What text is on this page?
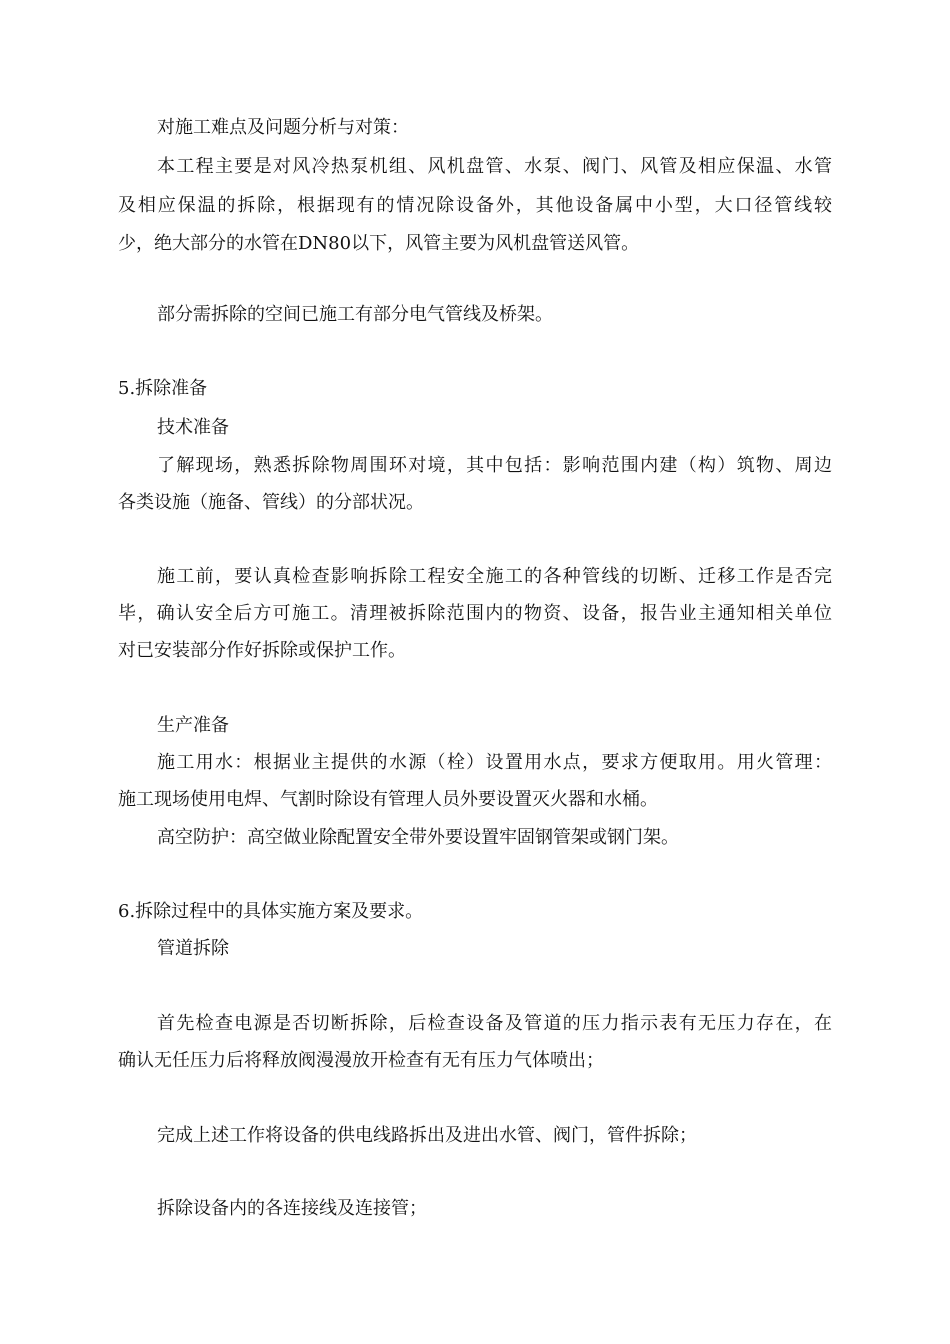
对施工难点及问题分析与对策：
本工程主要是对风冷热泵机组、风机盘管、水泵、阀门、风管及相应保温、水管
及相应保温的拆除，根据现有的情况除设备外，其他设备属中小型，大口径管线较
少，绝大部分的水管在DN80以下，风管主要为风机盘管送风管。
部分需拆除的空间已施工有部分电气管线及桥架。
5.拆除准备
技术准备
了解现场，熟悉拆除物周围环对境，其中包括：影响范围内建（构）筑物、周边
各类设施（施备、管线）的分部状况。
施工前，要认真检查影响拆除工程安全施工的各种管线的切断、迁移工作是否完
毕，确认安全后方可施工。清理被拆除范围内的物资、设备，报告业主通知相关单位
对已安装部分作好拆除或保护工作。
生产准备
施工用水：根据业主提供的水源（栓）设置用水点，要求方便取用。用火管理：
施工现场使用电焊、气割时除设有管理人员外要设置灭火器和水桶。
高空防护：高空做业除配置安全带外要设置牢固钢管架或钢门架。
6.拆除过程中的具体实施方案及要求。
管道拆除
首先检查电源是否切断拆除，后检查设备及管道的压力指示表有无压力存在，在
确认无任压力后将释放阀漫漫放开检查有无有压力气体喷出；
完成上述工作将设备的供电线路拆出及进出水管、阀门，管件拆除；
拆除设备内的各连接线及连接管；
